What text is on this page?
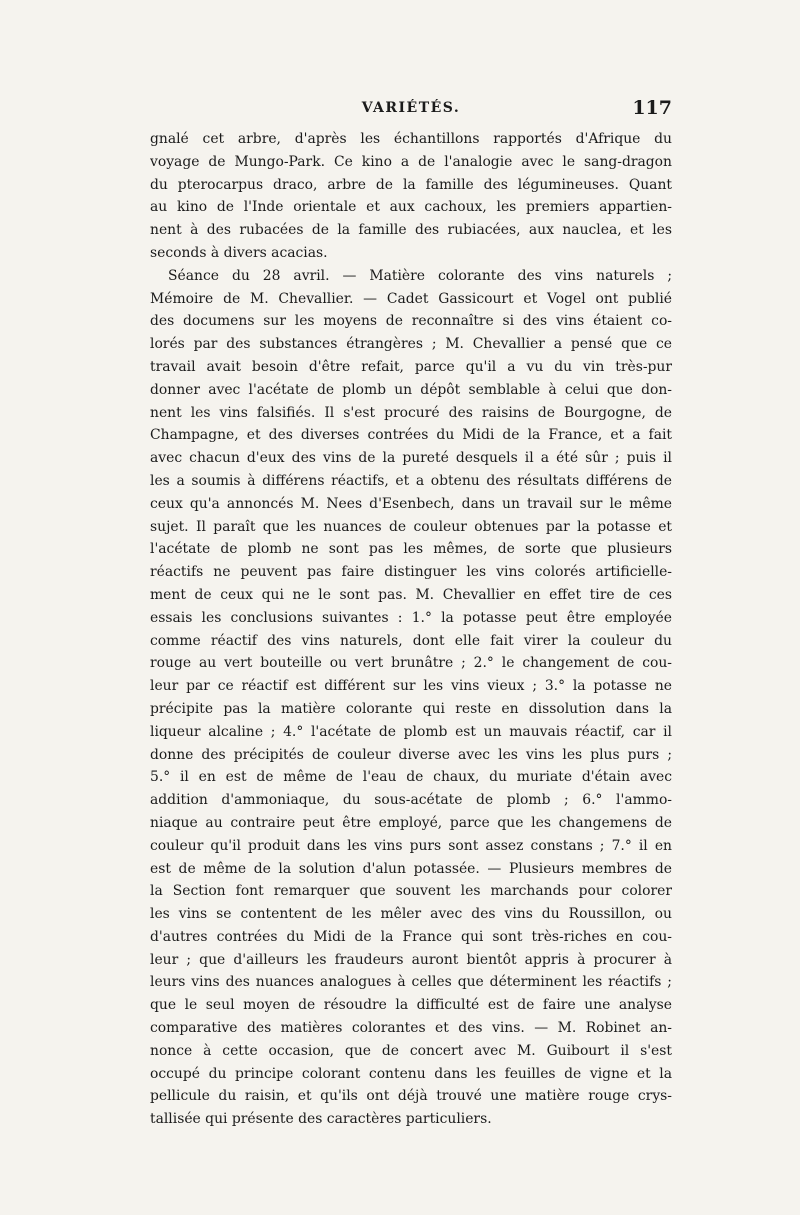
VARIÉTÉS.	117
gnalé cet arbre, d'après les échantillons rapportés d'Afrique du
voyage de Mungo-Park. Ce kino a de l'analogie avec le sang-dragon
du pterocarpus draco, arbre de la famille des légumineuses. Quant
au kino de l'Inde orientale et aux cachoux, les premiers appartien-
nent à des rubacées de la famille des rubiacées, aux nauclea, et les
seconds à divers acacias.
Séance du 28 avril. — Matière colorante des vins naturels ;
Mémoire de M. Chevallier. — Cadet Gassicourt et Vogel ont publié
des documens sur les moyens de reconnaître si des vins étaient co-
lorés par des substances étrangères ; M. Chevallier a pensé que ce
travail avait besoin d'être refait, parce qu'il a vu du vin très-pur
donner avec l'acétate de plomb un dépôt semblable à celui que don-
nent les vins falsifiés. Il s'est procuré des raisins de Bourgogne, de
Champagne, et des diverses contrées du Midi de la France, et a fait
avec chacun d'eux des vins de la pureté desquels il a été sûr ; puis il
les a soumis à différens réactifs, et a obtenu des résultats différens de
ceux qu'a annoncés M. Nees d'Esenbech, dans un travail sur le même
sujet. Il paraît que les nuances de couleur obtenues par la potasse et
l'acétate de plomb ne sont pas les mêmes, de sorte que plusieurs
réactifs ne peuvent pas faire distinguer les vins colorés artificielle-
ment de ceux qui ne le sont pas. M. Chevallier en effet tire de ces
essais les conclusions suivantes : 1.° la potasse peut être employée
comme réactif des vins naturels, dont elle fait virer la couleur du
rouge au vert bouteille ou vert brunâtre ; 2.° le changement de cou-
leur par ce réactif est différent sur les vins vieux ; 3.° la potasse ne
précipite pas la matière colorante qui reste en dissolution dans la
liqueur alcaline ; 4.° l'acétate de plomb est un mauvais réactif, car il
donne des précipités de couleur diverse avec les vins les plus purs ;
5.° il en est de même de l'eau de chaux, du muriate d'étain avec
addition d'ammoniaque, du sous-acétate de plomb ; 6.° l'ammo-
niaque au contraire peut être employé, parce que les changemens de
couleur qu'il produit dans les vins purs sont assez constans ; 7.° il en
est de même de la solution d'alun potassée. — Plusieurs membres de
la Section font remarquer que souvent les marchands pour colorer
les vins se contentent de les mêler avec des vins du Roussillon, ou
d'autres contrées du Midi de la France qui sont très-riches en cou-
leur ; que d'ailleurs les fraudeurs auront bientôt appris à procurer à
leurs vins des nuances analogues à celles que déterminent les réactifs ;
que le seul moyen de résoudre la difficulté est de faire une analyse
comparative des matières colorantes et des vins. — M. Robinet an-
nonce à cette occasion, que de concert avec M. Guibourt il s'est
occupé du principe colorant contenu dans les feuilles de vigne et la
pellicule du raisin, et qu'ils ont déjà trouvé une matière rouge crys-
tallisée qui présente des caractères particuliers.
